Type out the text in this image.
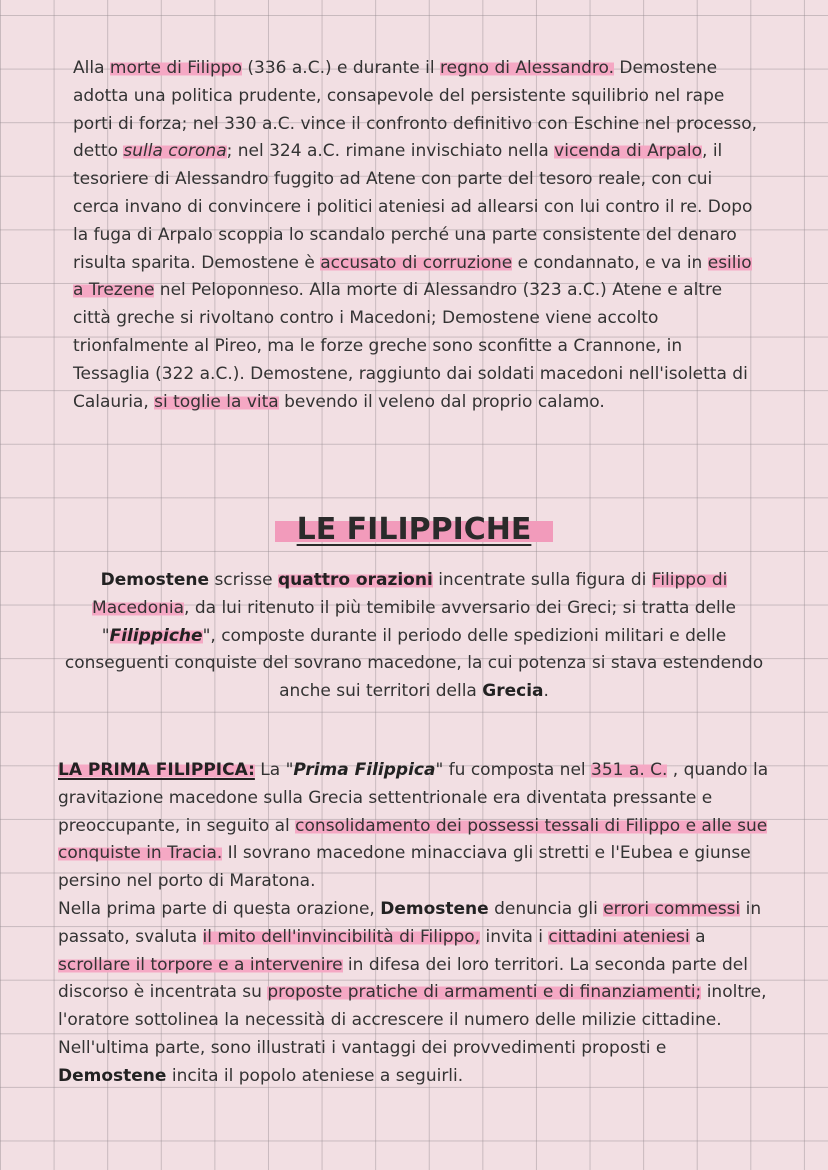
Alla morte di Filippo (336 a.C.) e durante il regno di Alessandro. Demostene adotta una politica prudente, consapevole del persistente squilibrio nel rape porti di forza; nel 330 a.C. vince il confronto definitivo con Eschine nel processo, detto sulla corona; nel 324 a.C. rimane invischiato nella vicenda di Arpalo, il tesoriere di Alessandro fuggito ad Atene con parte del tesoro reale, con cui cerca invano di convincere i politici ateniesi ad allearsi con lui contro il re. Dopo la fuga di Arpalo scoppia lo scandalo perché una parte consistente del denaro risulta sparita. Demostene è accusato di corruzione e condannato, e va in esilio a Trezene nel Peloponneso. Alla morte di Alessandro (323 a.C.) Atene e altre città greche si rivoltano contro i Macedoni; Demostene viene accolto trionfalmente al Pireo, ma le forze greche sono sconfitte a Crannone, in Tessaglia (322 a.C.). Demostene, raggiunto dai soldati macedoni nell'isoletta di Calauria, si toglie la vita bevendo il veleno dal proprio calamo.
LE FILIPPICHE
Demostene scrisse quattro orazioni incentrate sulla figura di Filippo di Macedonia, da lui ritenuto il più temibile avversario dei Greci; si tratta delle "Filippiche", composte durante il periodo delle spedizioni militari e delle conseguenti conquiste del sovrano macedone, la cui potenza si stava estendendo anche sui territori della Grecia.
LA PRIMA FILIPPICA: La "Prima Filippica" fu composta nel 351 a. C. , quando la gravitazione macedone sulla Grecia settentrionale era diventata pressante e preoccupante, in seguito al consolidamento dei possessi tessali di Filippo e alle sue conquiste in Tracia. Il sovrano macedone minacciava gli stretti e l'Eubea e giunse persino nel porto di Maratona.
Nella prima parte di questa orazione, Demostene denuncia gli errori commessi in passato, svaluta il mito dell'invincibilità di Filippo, invita i cittadini ateniesi a scrollare il torpore e a intervenire in difesa dei loro territori. La seconda parte del discorso è incentrata su proposte pratiche di armamenti e di finanziamenti; inoltre, l'oratore sottolinea la necessità di accrescere il numero delle milizie cittadine. Nell'ultima parte, sono illustrati i vantaggi dei provvedimenti proposti e Demostene incita il popolo ateniese a seguirli.
